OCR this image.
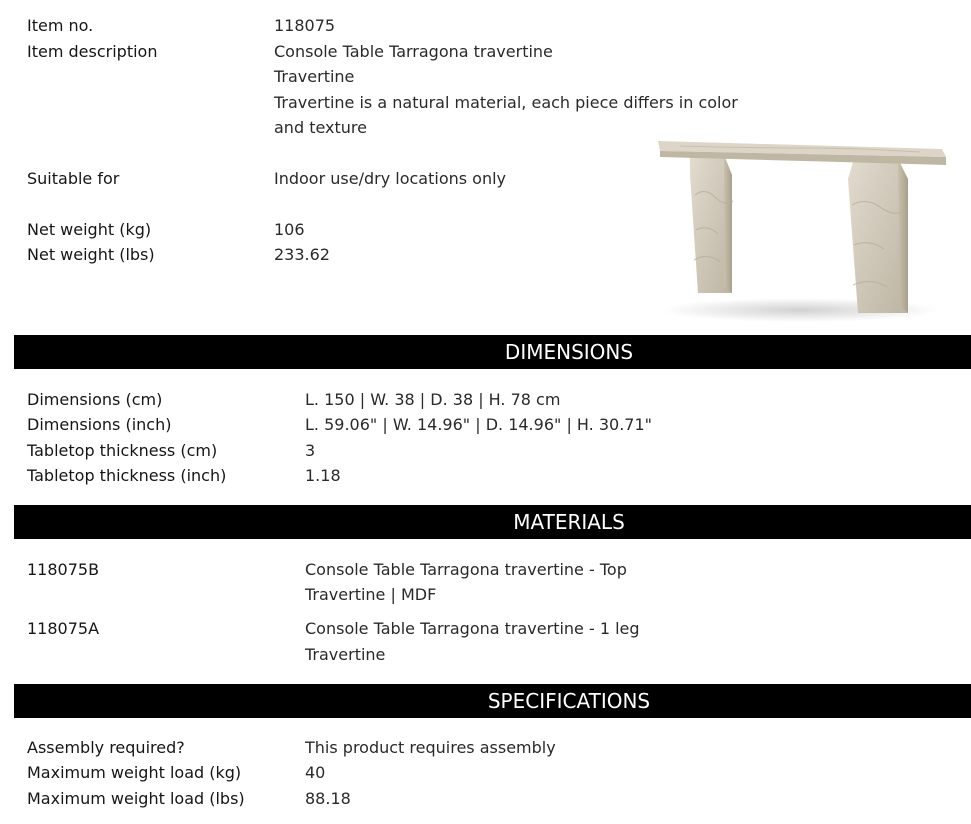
Item no.	118075
Item description	Console Table Tarragona travertine
Travertine
Travertine is a natural material, each piece differs in color
and texture
Suitable for	Indoor use/dry locations only
Net weight (kg)	106
Net weight (lbs)	233.62
DIMENSIONS
Dimensions (cm)	L. 150 | W. 38 | D. 38 | H. 78 cm
Dimensions (inch)	L. 59.06" | W. 14.96" | D. 14.96" | H. 30.71"
Tabletop thickness (cm)	3
Tabletop thickness (inch)	1.18
MATERIALS
118075B	Console Table Tarragona travertine - Top
Travertine | MDF
118075A	Console Table Tarragona travertine - 1 leg
Travertine
SPECIFICATIONS
Assembly required?	This product requires assembly
Maximum weight load (kg)	40
Maximum weight load (lbs)	88.18
